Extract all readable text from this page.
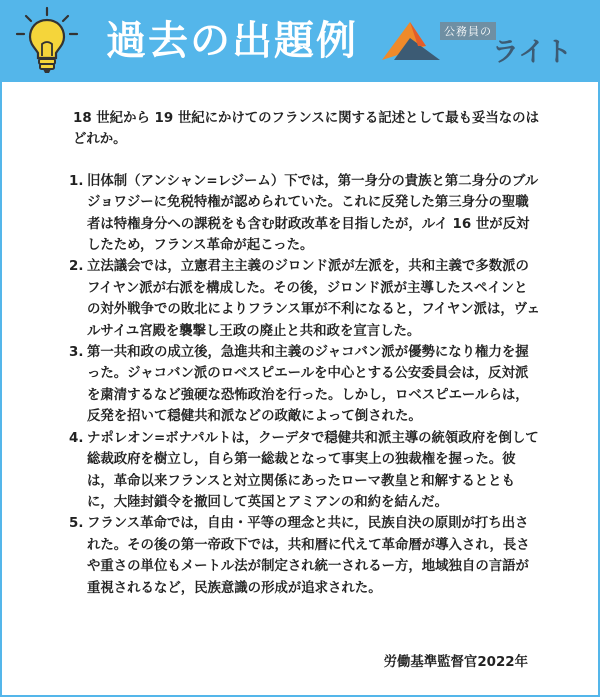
過去の出題例	公務員の
ライト
18 世紀から 19 世紀にかけてのフランスに関する記述として最も妥当なのはどれか。
1. 旧体制（アンシャン=レジーム）下では，第一身分の貴族と第二身分のブルジョワジーに免税特権が認められていた。これに反発した第三身分の聖職者は特権身分への課税をも含む財政改革を目指したが，ルイ 16 世が反対したため，フランス革命が起こった。
2. 立法議会では，立憲君主主義のジロンド派が左派を，共和主義で多数派のフイヤン派が右派を構成した。その後，ジロンド派が主導したスペインとの対外戦争での敗北によりフランス軍が不利になると，フイヤン派は，ヴェルサイユ宮殿を襲撃し王政の廃止と共和政を宣言した。
3. 第一共和政の成立後，急進共和主義のジャコバン派が優勢になり権力を握った。ジャコバン派のロベスピエールを中心とする公安委員会は，反対派を粛清するなど強硬な恐怖政治を行った。しかし，ロベスピエールらは，反発を招いて穏健共和派などの政敵によって倒された。
4. ナポレオン=ボナパルトは，クーデタで穏健共和派主導の統領政府を倒して総裁政府を樹立し，自ら第一総裁となって事実上の独裁権を握った。彼は，革命以来フランスと対立関係にあったローマ教皇と和解するとともに，大陸封鎖令を撤回して英国とアミアンの和約を結んだ。
5. フランス革命では，自由・平等の理念と共に，民族自決の原則が打ち出された。その後の第一帝政下では，共和暦に代えて革命暦が導入され，長さや重さの単位もメートル法が制定され統一されるー方，地域独自の言語が重視されるなど，民族意識の形成が追求された。
労働基準監督官2022年
